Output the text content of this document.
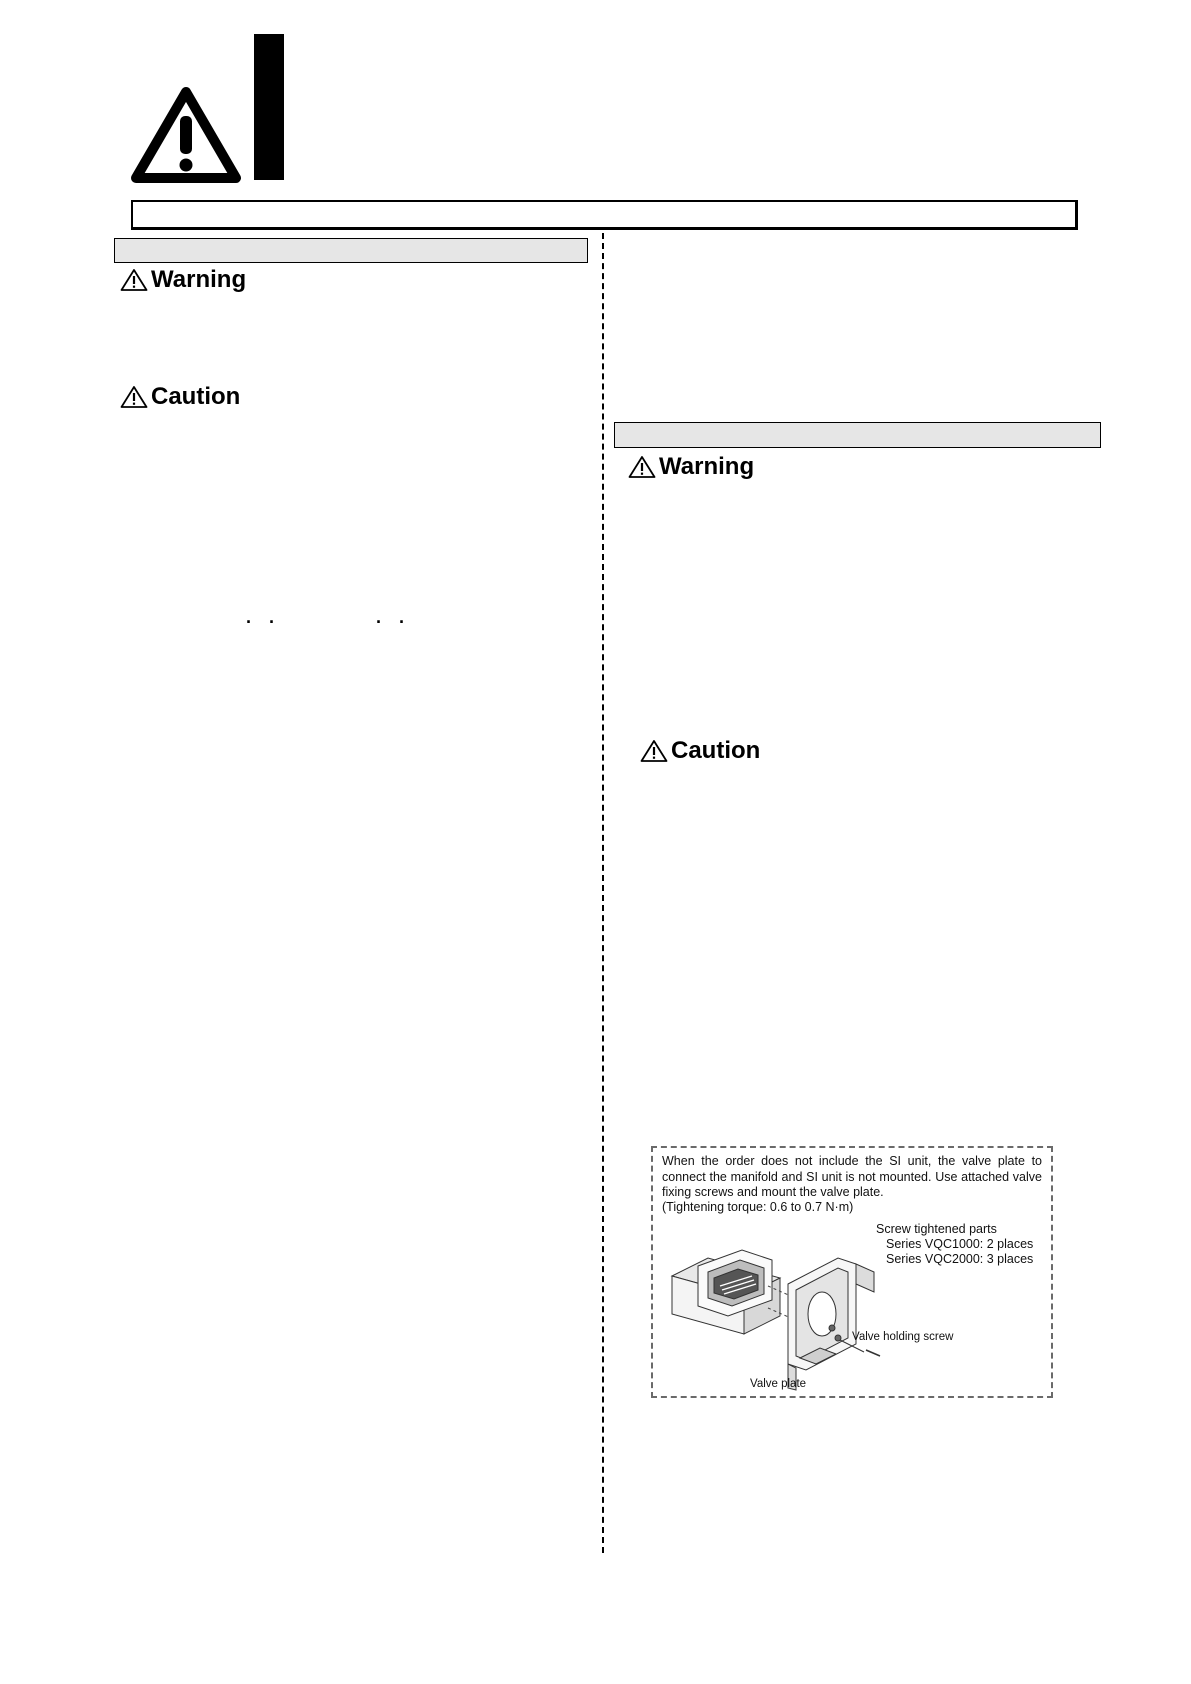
Warning
Caution
· ·	· ·
Warning
Caution
When the order does not include the SI unit, the valve plate to connect the manifold and SI unit is not mounted. Use attached valve fixing screws and mount the valve plate.
(Tightening torque: 0.6 to 0.7 N·m)
Screw tightened parts
Series VQC1000: 2 places
Series VQC2000: 3 places
Valve holding screw
Valve plate
